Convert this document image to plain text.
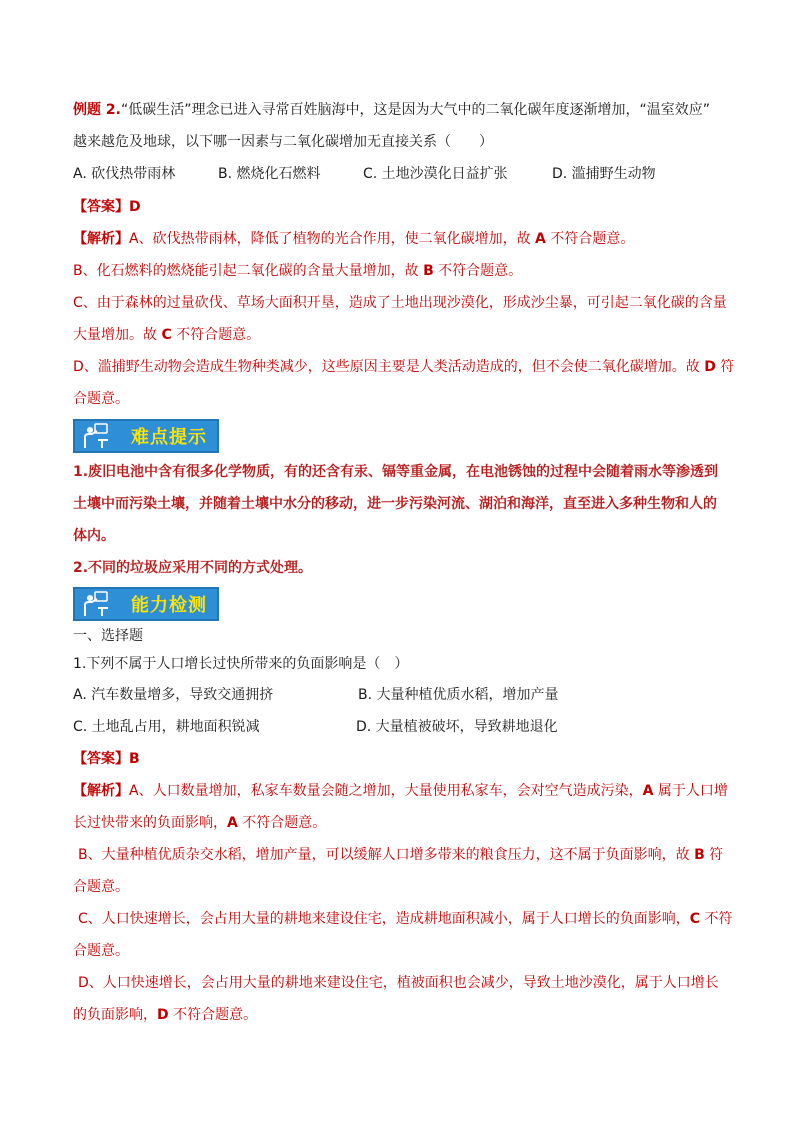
例题 2.“低碳生活”理念已进入寻常百姓脑海中，这是因为大气中的二氧化碳年度逐渐增加，“温室效应”
越来越危及地球，以下哪一因素与二氧化碳增加无直接关系（　　）
A. 砍伐热带雨林	B. 燃烧化石燃料	C. 土地沙漠化日益扩张	D. 滥捕野生动物
【答案】D
【解析】A、砍伐热带雨林，降低了植物的光合作用，使二氧化碳增加，故 A 不符合题意。
B、化石燃料的燃烧能引起二氧化碳的含量大量增加，故 B 不符合题意。
C、由于森林的过量砍伐、草场大面积开垦，造成了土地出现沙漠化，形成沙尘暴，可引起二氧化碳的含量
大量增加。故 C 不符合题意。
D、滥捕野生动物会造成生物种类减少，这些原因主要是人类活动造成的，但不会使二氧化碳增加。故 D 符
合题意。
难点提示
1.废旧电池中含有很多化学物质，有的还含有汞、镉等重金属，在电池锈蚀的过程中会随着雨水等渗透到
土壤中而污染土壤，并随着土壤中水分的移动，进一步污染河流、湖泊和海洋，直至进入多种生物和人的
体内。
2.不同的垃圾应采用不同的方式处理。
能力检测
一、选择题
1.下列不属于人口增长过快所带来的负面影响是（　）
A. 汽车数量增多，导致交通拥挤	B. 大量种植优质水稻，增加产量
C. 土地乱占用，耕地面积锐减	D. 大量植被破坏，导致耕地退化
【答案】B
【解析】A、人口数量增加，私家车数量会随之增加，大量使用私家车，会对空气造成污染，A 属于人口增
长过快带来的负面影响，A 不符合题意。
B、大量种植优质杂交水稻，增加产量，可以缓解人口增多带来的粮食压力，这不属于负面影响，故 B 符
合题意。
C、人口快速增长，会占用大量的耕地来建设住宅，造成耕地面积减小，属于人口增长的负面影响，C 不符
合题意。
D、人口快速增长，会占用大量的耕地来建设住宅，植被面积也会减少，导致土地沙漠化，属于人口增长
的负面影响，D 不符合题意。
